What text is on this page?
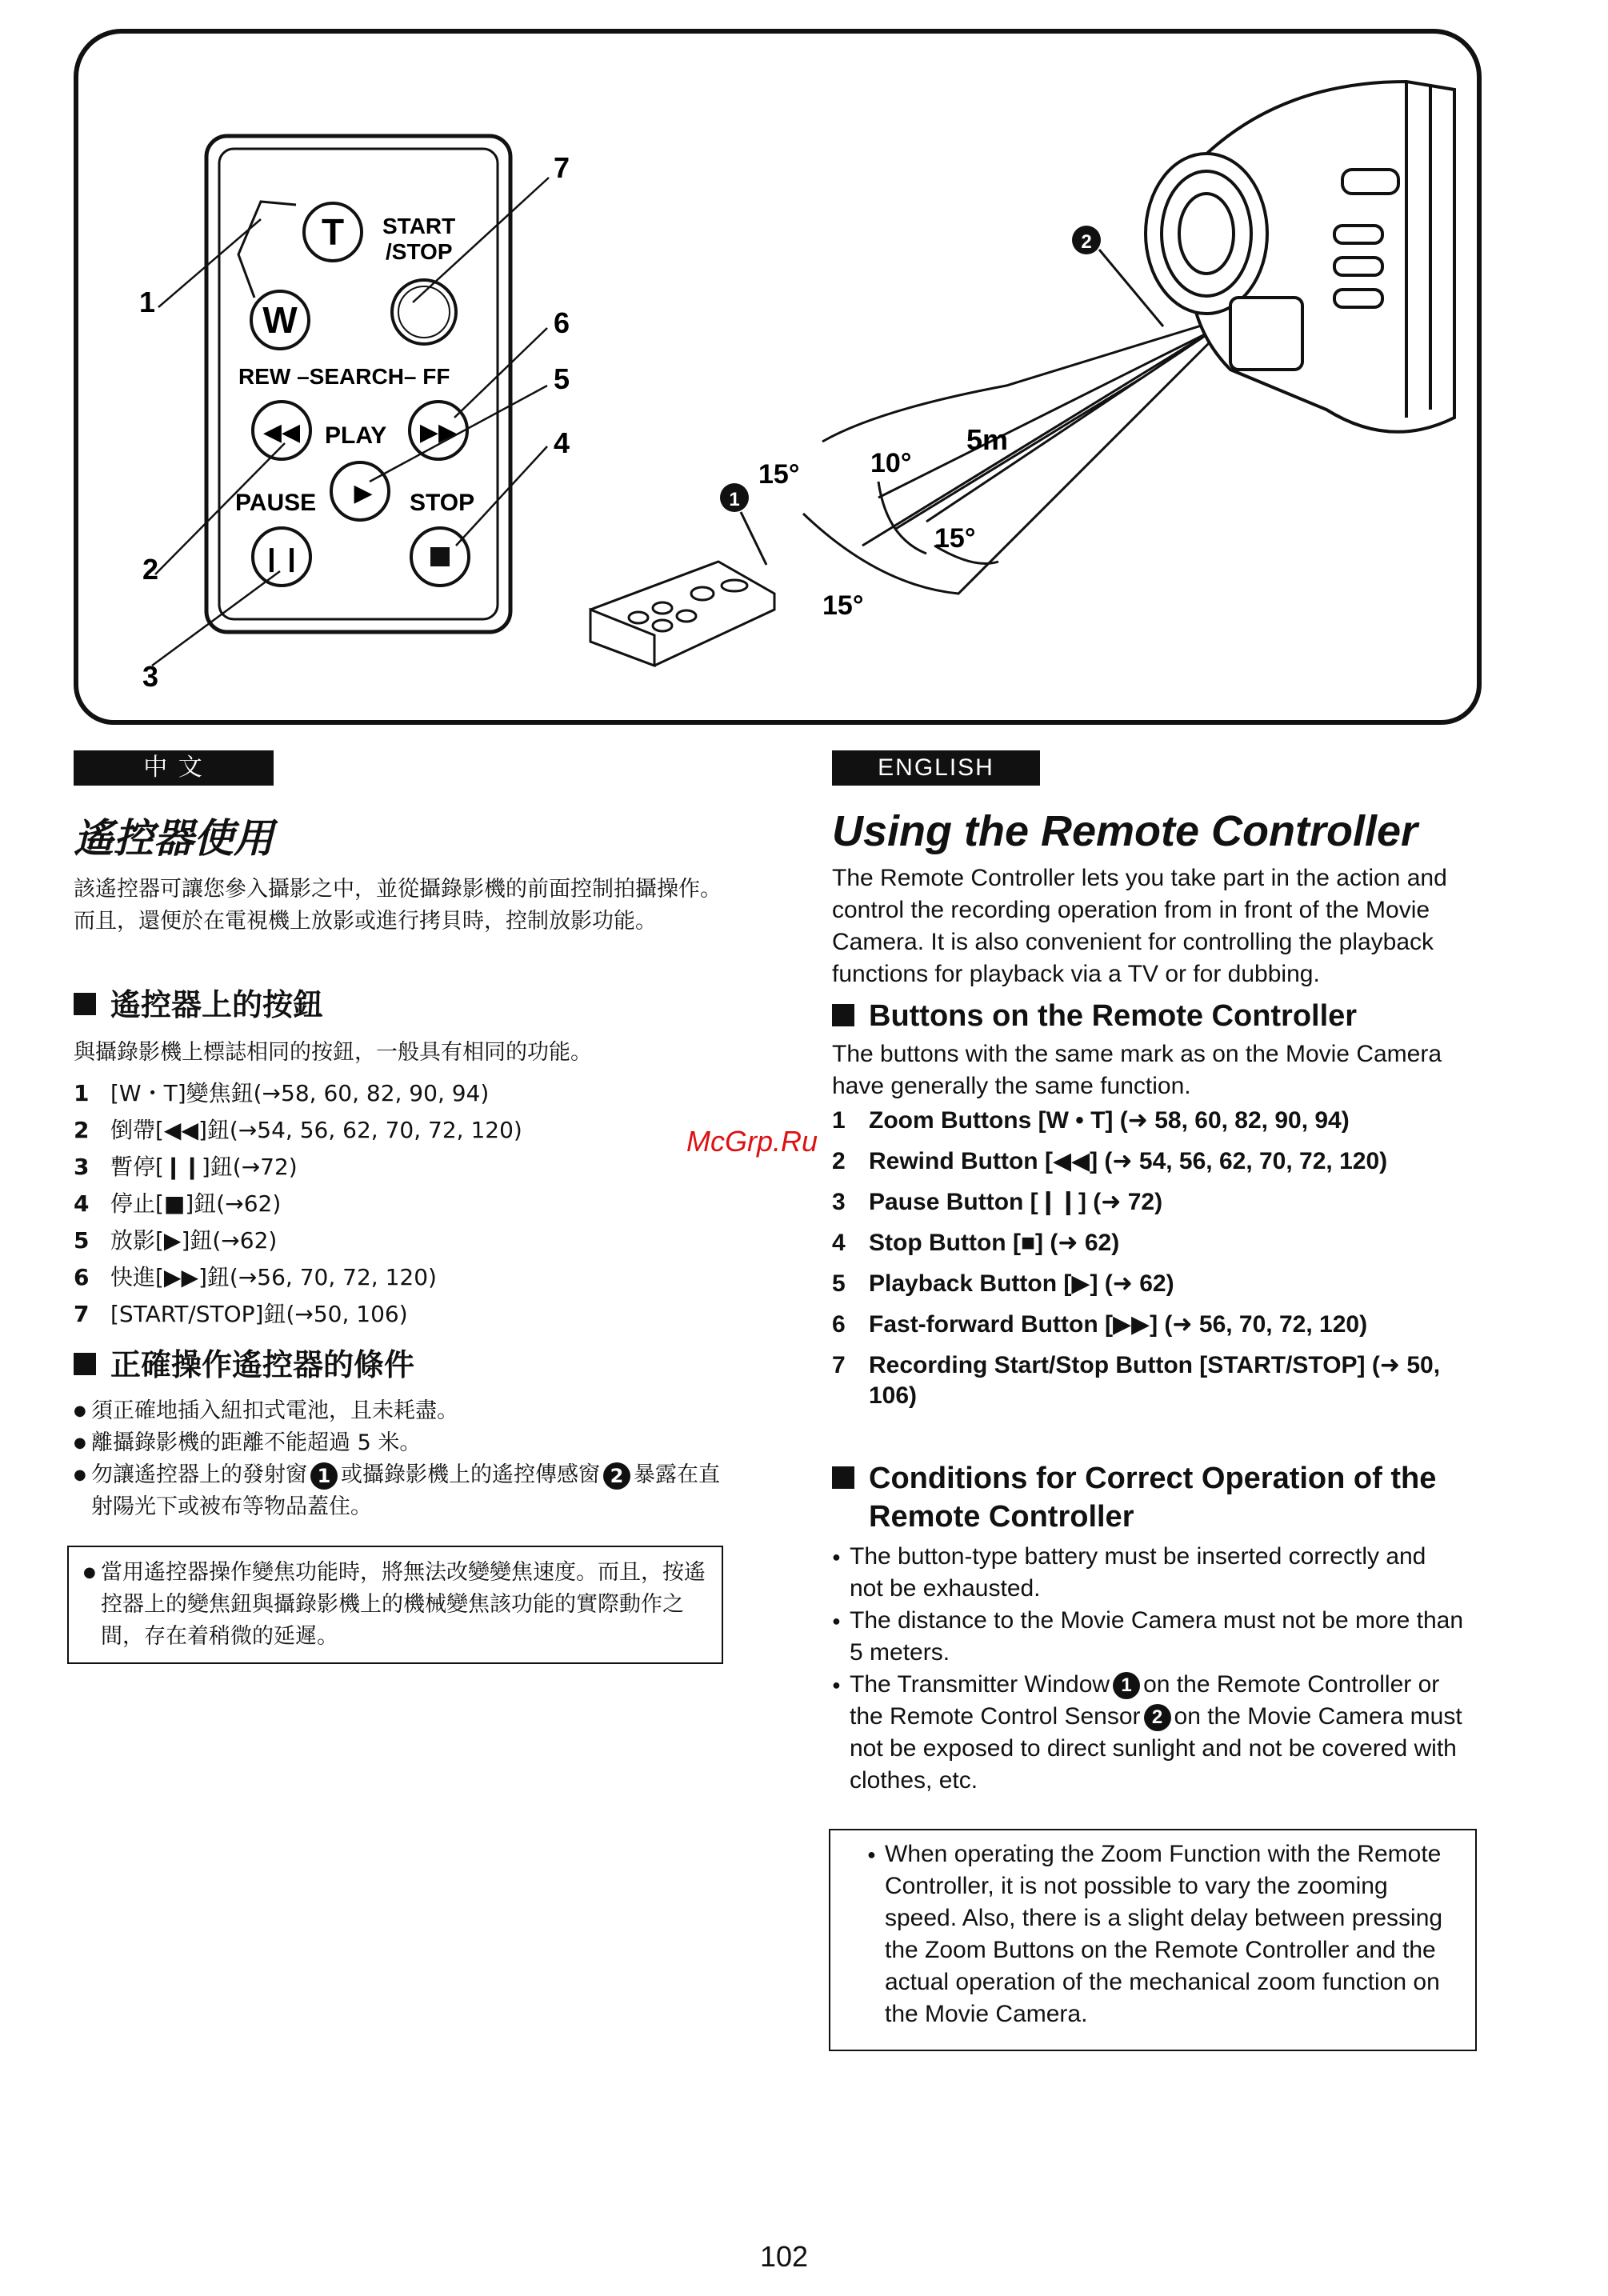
T
W
START
/STOP
REW –SEARCH– FF
◀◀	▶▶
PLAY
▶
PAUSE	STOP
❙❙
1
2
3
4
5
6
7
1
5m
15°	10°
15°
15°
2
中 文
遙控器使用
該遙控器可讓您參入攝影之中，並從攝錄影機的前面控制拍攝操作。而且，還便於在電視機上放影或進行拷貝時，控制放影功能。
遙控器上的按鈕
與攝錄影機上標誌相同的按鈕，一般具有相同的功能。
1 [W・T]變焦鈕(→58, 60, 82, 90, 94)
2 倒帶[◀◀]鈕(→54, 56, 62, 70, 72, 120)
3 暫停[❙❙]鈕(→72)
4 停止[■]鈕(→62)
5 放影[▶]鈕(→62)
6 快進[▶▶]鈕(→56, 70, 72, 120)
7 [START/STOP]鈕(→50, 106)
正確操作遙控器的條件
● 須正確地插入紐扣式電池，且未耗盡。
● 離攝錄影機的距離不能超過 5 米。
● 勿讓遙控器上的發射窗 1 或攝錄影機上的遙控傳感窗 2 暴露在直射陽光下或被布等物品蓋住。
● 當用遙控器操作變焦功能時，將無法改變變焦速度。而且，按遙控器上的變焦鈕與攝錄影機上的機械變焦該功能的實際動作之間，存在着稍微的延遲。
ENGLISH
Using the Remote Controller
The Remote Controller lets you take part in the action and control the recording operation from in front of the Movie Camera. It is also convenient for controlling the playback functions for playback via a TV or for dubbing.
Buttons on the Remote Controller
The buttons with the same mark as on the Movie Camera have generally the same function.
1 Zoom Buttons [W • T] (➜ 58, 60, 82, 90, 94)
2 Rewind Button [◀◀] (➜ 54, 56, 62, 70, 72, 120)
3 Pause Button [❙❙] (➜ 72)
4 Stop Button [■] (➜ 62)
5 Playback Button [▶] (➜ 62)
6 Fast-forward Button [▶▶] (➜ 56, 70, 72, 120)
7 Recording Start/Stop Button [START/STOP] (➜ 50, 106)
Conditions for Correct Operation of the Remote Controller
● The button-type battery must be inserted correctly and not be exhausted.
● The distance to the Movie Camera must not be more than 5 meters.
● The Transmitter Window 1 on the Remote Controller or the Remote Control Sensor 2 on the Movie Camera must not be exposed to direct sunlight and not be covered with clothes, etc.
● When operating the Zoom Function with the Remote Controller, it is not possible to vary the zooming speed. Also, there is a slight delay between pressing the Zoom Buttons on the Remote Controller and the actual operation of the mechanical zoom function on the Movie Camera.
McGrp.Ru
102
